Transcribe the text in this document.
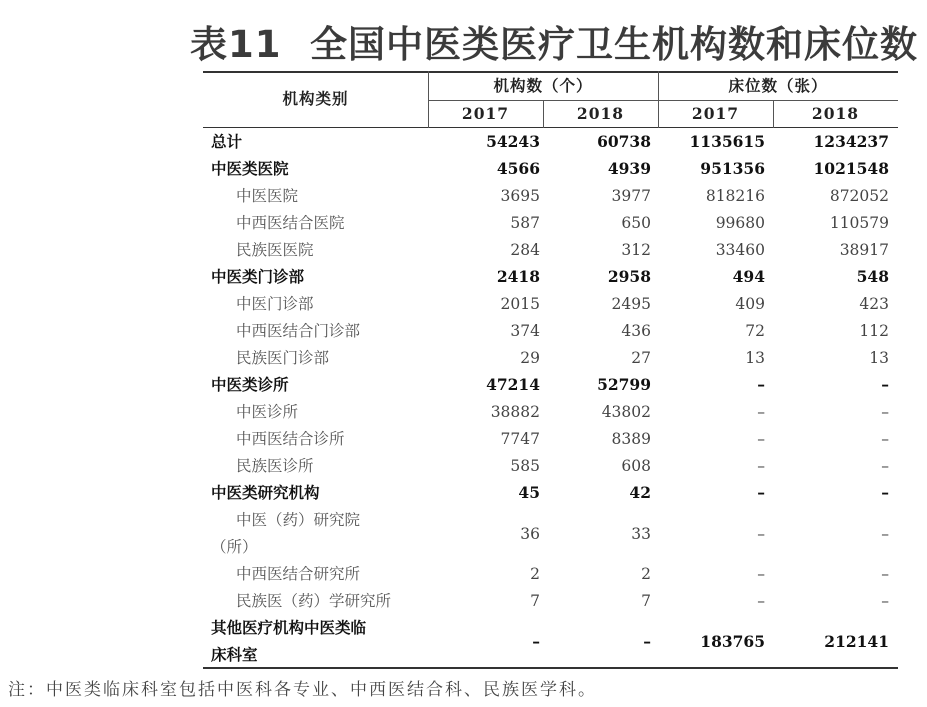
表11 全国中医类医疗卫生机构数和床位数
机构类别
机构数（个）	床位数（张）
2017	2018	2017	2018
总计	54243	60738	1135615	1234237
中医类医院	4566	4939	951356	1021548
中医医院	3695	3977	818216	872052
中西医结合医院	587	650	99680	110579
民族医医院	284	312	33460	38917
中医类门诊部	2418	2958	494	548
中医门诊部	2015	2495	409	423
中西医结合门诊部	374	436	72	112
民族医门诊部	29	27	13	13
中医类诊所	47214	52799	–	–
中医诊所	38882	43802	–	–
中西医结合诊所	7747	8389	–	–
民族医诊所	585	608	–	–
中医类研究机构	45	42	–	–
中医（药）研究院
（所）
36	33	–	–
中西医结合研究所	2	2	–	–
民族医（药）学研究所	7	7	–	–
其他医疗机构中医类临
床科室
–	–	183765	212141
注：中医类临床科室包括中医科各专业、中西医结合科、民族医学科。
